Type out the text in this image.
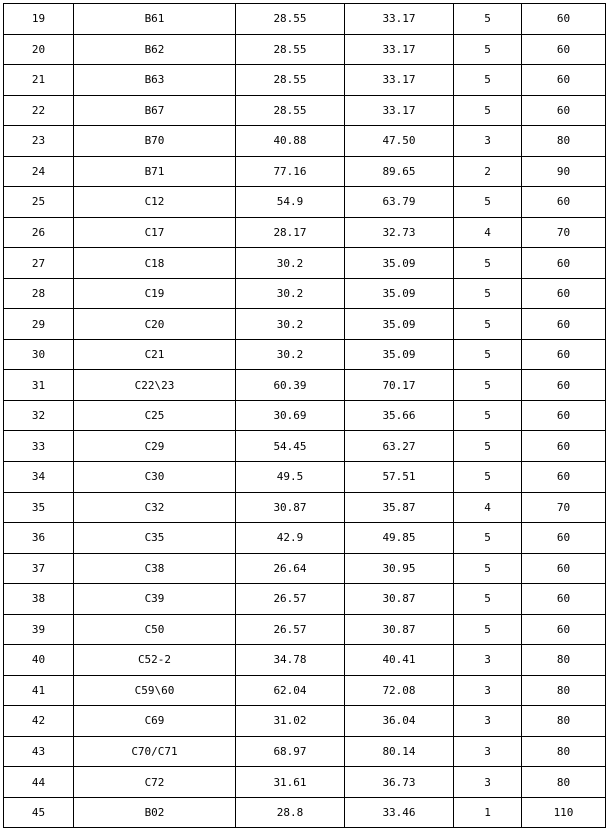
19	B61	28.55	33.17	5	60
20	B62	28.55	33.17	5	60
21	B63	28.55	33.17	5	60
22	B67	28.55	33.17	5	60
23	B70	40.88	47.50	3	80
24	B71	77.16	89.65	2	90
25	C12	54.9	63.79	5	60
26	C17	28.17	32.73	4	70
27	C18	30.2	35.09	5	60
28	C19	30.2	35.09	5	60
29	C20	30.2	35.09	5	60
30	C21	30.2	35.09	5	60
31	C22\23	60.39	70.17	5	60
32	C25	30.69	35.66	5	60
33	C29	54.45	63.27	5	60
34	C30	49.5	57.51	5	60
35	C32	30.87	35.87	4	70
36	C35	42.9	49.85	5	60
37	C38	26.64	30.95	5	60
38	C39	26.57	30.87	5	60
39	C50	26.57	30.87	5	60
40	C52-2	34.78	40.41	3	80
41	C59\60	62.04	72.08	3	80
42	C69	31.02	36.04	3	80
43	C70/C71	68.97	80.14	3	80
44	C72	31.61	36.73	3	80
45	B02	28.8	33.46	1	110
